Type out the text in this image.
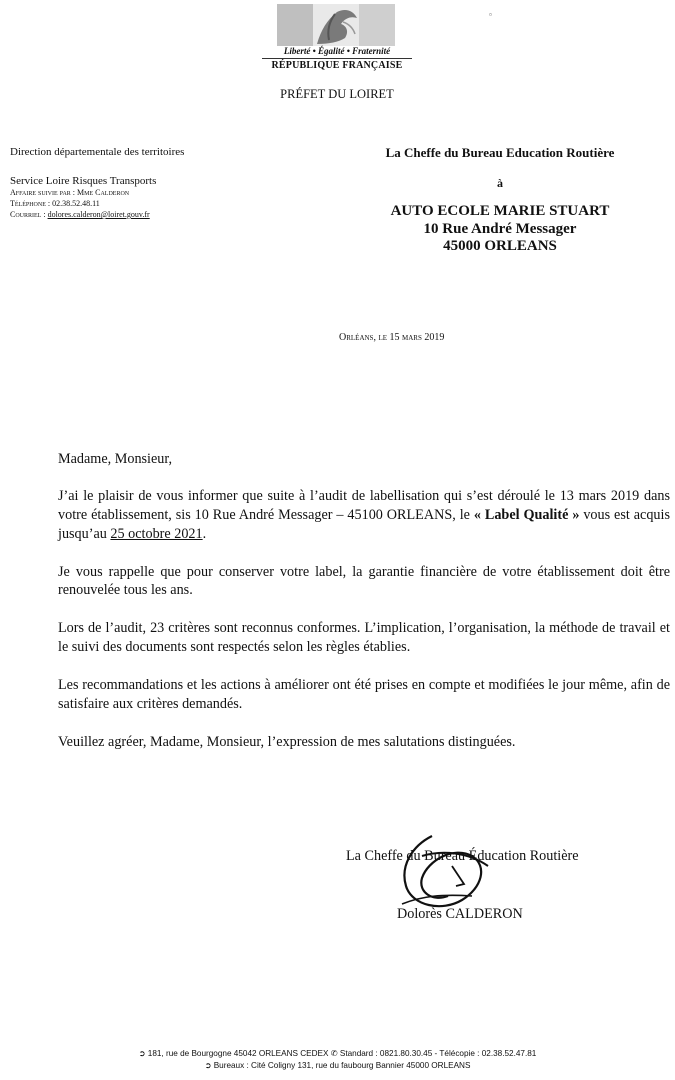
Liberté • Égalité • Fraternité
RÉPUBLIQUE FRANÇAISE
PRÉFET DU LOIRET
▫
Direction départementale des territoires
Service Loire Risques Transports
Affaire suivie par : Mme Calderon
Téléphone : 02.38.52.48.11
Courriel : dolores.calderon@loiret.gouv.fr
La Cheffe du Bureau Education Routière
à
AUTO ECOLE MARIE STUART
10 Rue André Messager
45000 ORLEANS
Orléans, le 15 mars 2019

Madame, Monsieur,

J’ai le plaisir de vous informer que suite à l’audit de labellisation qui s’est déroulé le 13 mars 2019 dans votre établissement, sis 10 Rue André Messager – 45100 ORLEANS, le « Label Qualité » vous est acquis jusqu’au 25 octobre 2021.

Je vous rappelle que pour conserver votre label, la garantie financière de votre établissement doit être renouvelée tous les ans.

Lors de l’audit, 23 critères sont reconnus conformes. L’implication, l’organisation, la méthode de travail et le suivi des documents sont respectés selon les règles établies.

Les recommandations et les actions à améliorer ont été prises en compte et modifiées le jour même, afin de satisfaire aux critères demandés.

Veuillez agréer, Madame, Monsieur, l’expression de mes salutations distinguées.

La Cheffe du Bureau Éducation Routière
Dolorès CALDERON
➲ 181, rue de Bourgogne 45042 ORLEANS CEDEX ✆ Standard : 0821.80.30.45 - Télécopie : 02.38.52.47.81
➲ Bureaux : Cité Coligny 131, rue du faubourg Bannier 45000 ORLEANS
